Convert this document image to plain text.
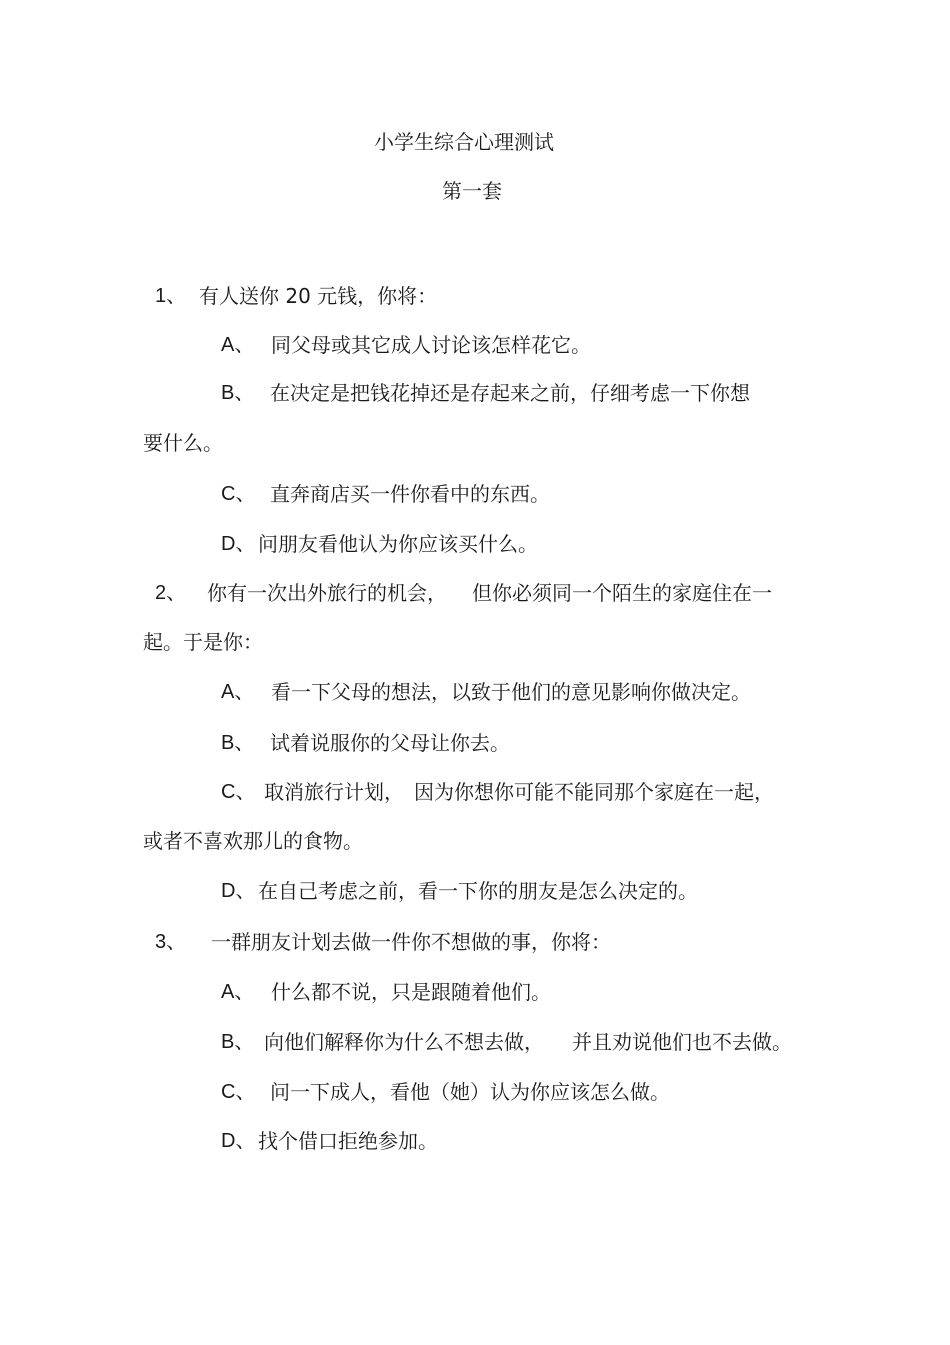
小学生综合心理测试
第一套
1、 有人送你 20 元钱，你将：
A、 同父母或其它成人讨论该怎样花它。
B、 在决定是把钱花掉还是存起来之前，仔细考虑一下你想
要什么。
C、 直奔商店买一件你看中的东西。
D、 问朋友看他认为你应该买什么。
2、 你有一次出外旅行的机会， 但你必须同一个陌生的家庭住在一
起。于是你：
A、 看一下父母的想法，以致于他们的意见影响你做决定。
B、 试着说服你的父母让你去。
C、 取消旅行计划， 因为你想你可能不能同那个家庭在一起，
或者不喜欢那儿的食物。
D、 在自己考虑之前，看一下你的朋友是怎么决定的。
3、 一群朋友计划去做一件你不想做的事，你将：
A、 什么都不说，只是跟随着他们。
B、 向他们解释你为什么不想去做， 并且劝说他们也不去做。
C、 问一下成人，看他（她）认为你应该怎么做。
D、 找个借口拒绝参加。
